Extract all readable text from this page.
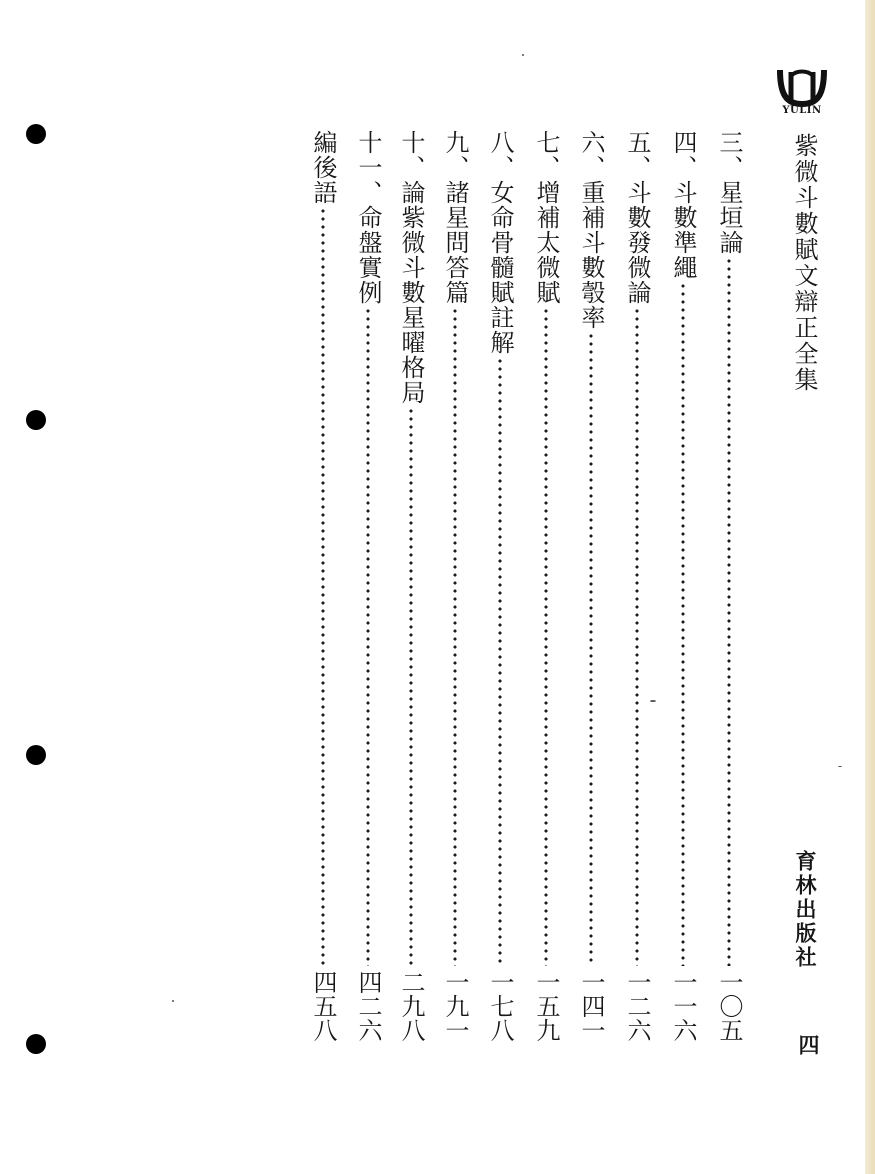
YULIN
紫微斗數賦文辯正全集
育林出版社
四
三、星垣論
一〇五
四、斗數準繩
一一六
五、斗數發微論
一二六
六、重補斗數彀率
一四一
七、增補太微賦
一五九
八、女命骨髓賦註解
一七八
九、諸星問答篇
一九一
十、論紫微斗數星曜格局
二九八
十一、命盤實例
四二六
編後語
四五八
